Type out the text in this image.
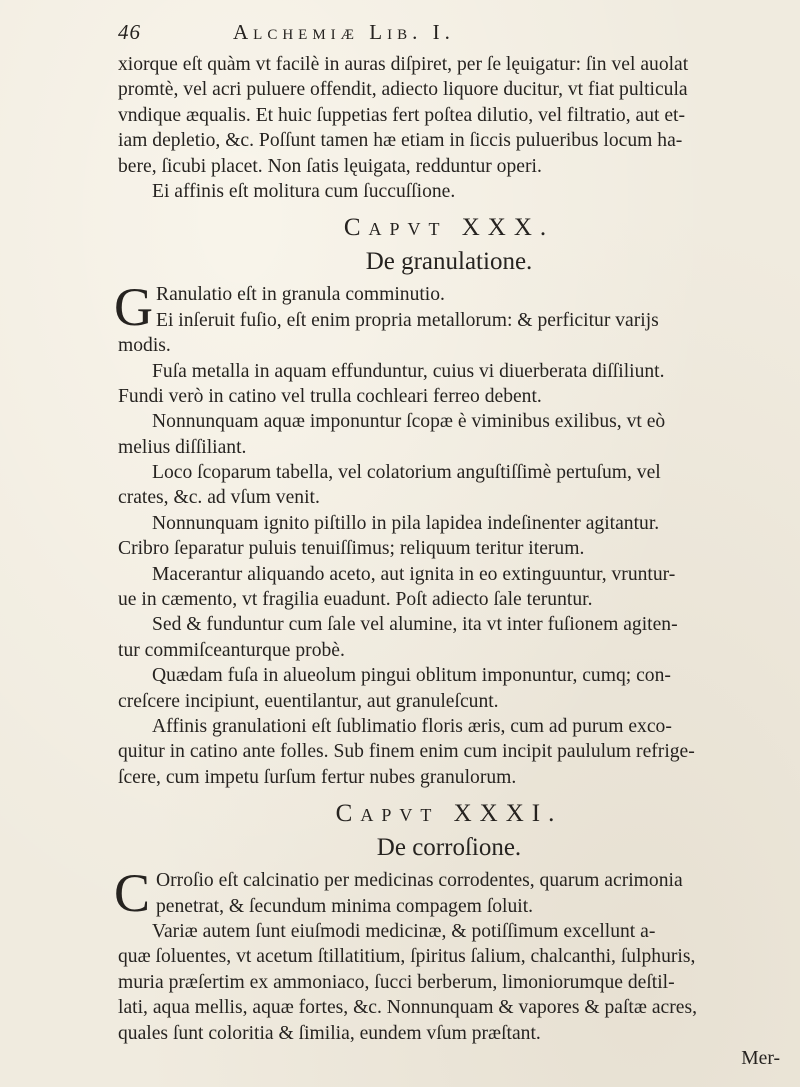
46	Alchemiæ Lib. I.
xiorque eſt quàm vt facilè in auras diſpiret, per ſe lęuigatur: ſin vel auolat
promtè, vel acri puluere offendit, adiecto liquore ducitur, vt fiat pulticula
vndique æqualis. Et huic ſuppetias fert poſtea dilutio, vel filtratio, aut et-
iam depletio, &c. Poſſunt tamen hæ etiam in ſiccis pulueribus locum ha-
bere, ſicubi placet. Non ſatis lęuigata, redduntur operi.
Ei affinis eſt molitura cum ſuccuſſione.
Capvt XXX.
De granulatione.
G Ranulatio eſt in granula comminutio.
Ei inſeruit fuſio, eſt enim propria metallorum: & perficitur varijs
modis.
Fuſa metalla in aquam effunduntur, cuius vi diuerberata diſſiliunt.
Fundi verò in catino vel trulla cochleari ferreo debent.
Nonnunquam aquæ imponuntur ſcopæ è viminibus exilibus, vt eò
melius diſſiliant.
Loco ſcoparum tabella, vel colatorium anguſtiſſimè pertuſum, vel
crates, &c. ad vſum venit.
Nonnunquam ignito piſtillo in pila lapidea indeſinenter agitantur.
Cribro ſeparatur puluis tenuiſſimus; reliquum teritur iterum.
Macerantur aliquando aceto, aut ignita in eo extinguuntur, vruntur-
ue in cæmento, vt fragilia euadunt. Poſt adiecto ſale teruntur.
Sed & funduntur cum ſale vel alumine, ita vt inter fuſionem agiten-
tur commiſceanturque probè.
Quædam fuſa in alueolum pingui oblitum imponuntur, cumq; con-
creſcere incipiunt, euentilantur, aut granuleſcunt.
Affinis granulationi eſt ſublimatio floris æris, cum ad purum exco-
quitur in catino ante folles. Sub finem enim cum incipit paululum refrige-
ſcere, cum impetu ſurſum fertur nubes granulorum.
Capvt XXXI.
De corroſione.
C Orroſio eſt calcinatio per medicinas corrodentes, quarum acrimonia
penetrat, & ſecundum minima compagem ſoluit.
Variæ autem ſunt eiuſmodi medicinæ, & potiſſimum excellunt a-
quæ ſoluentes, vt acetum ſtillatitium, ſpiritus ſalium, chalcanthi, ſulphuris,
muria præſertim ex ammoniaco, ſucci berberum, limoniorumque deſtil-
lati, aqua mellis, aquæ fortes, &c. Nonnunquam & vapores & paſtæ acres,
quales ſunt coloritia & ſimilia, eundem vſum præſtant.
Mer-
